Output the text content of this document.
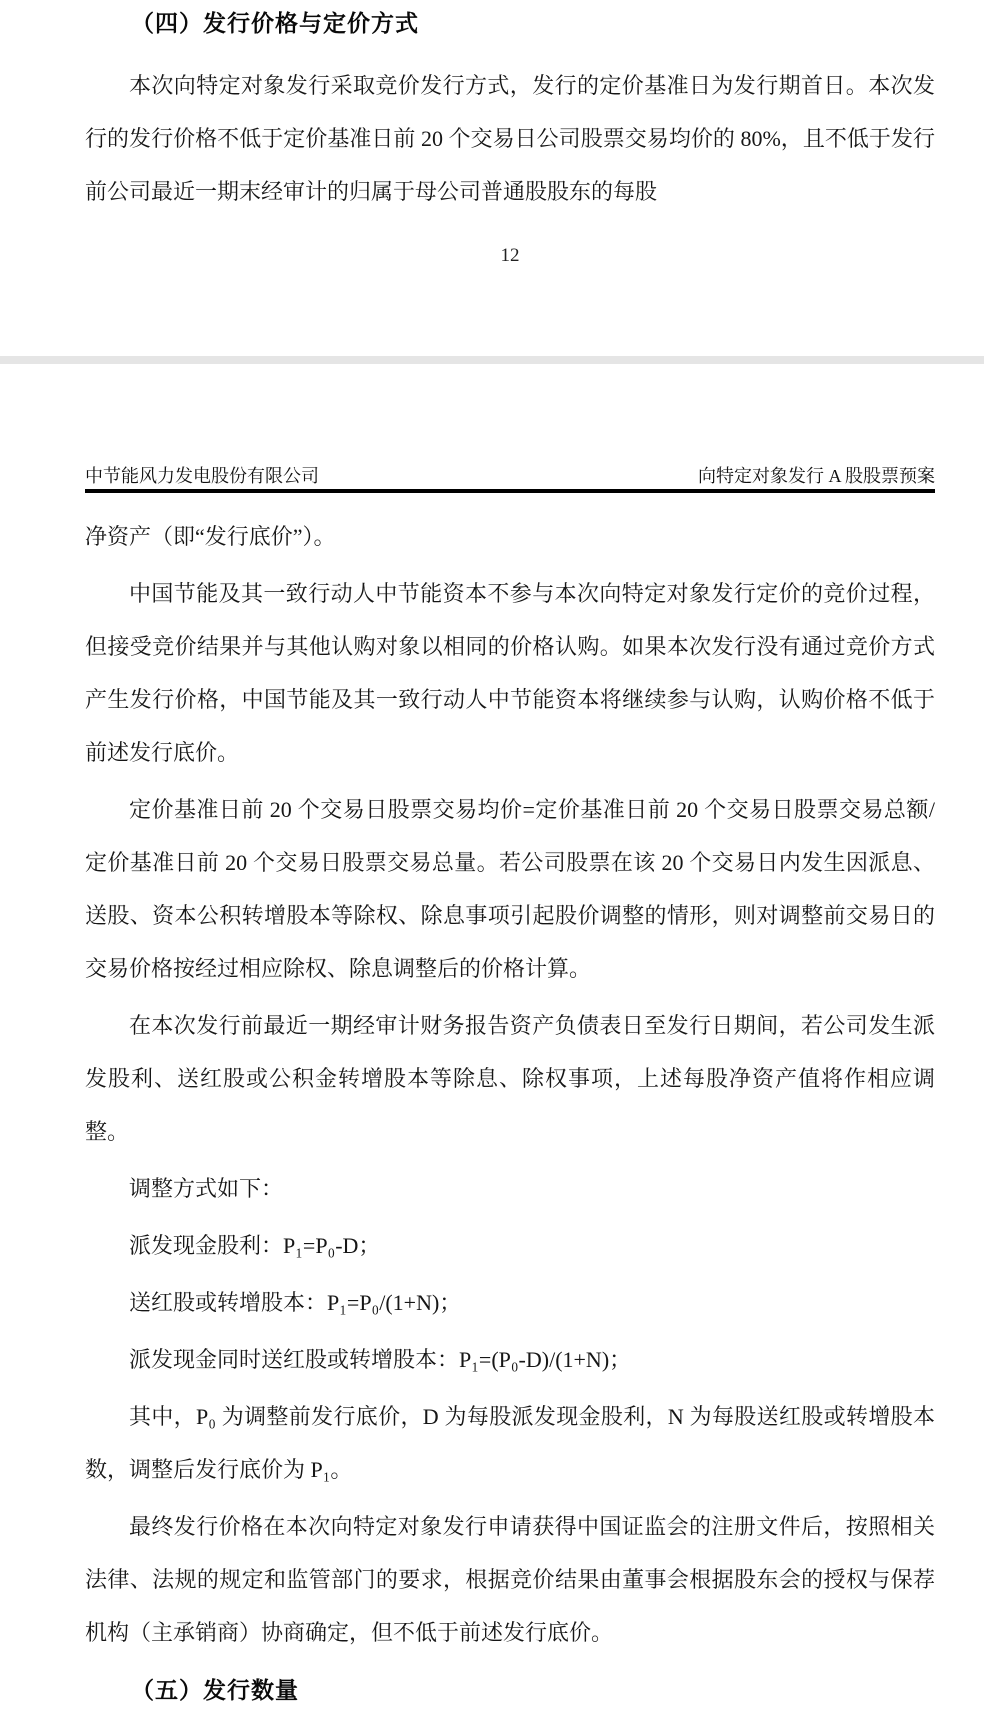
（四）发行价格与定价方式

本次向特定对象发行采取竞价发行方式，发行的定价基准日为发行期首日。本次发行的发行价格不低于定价基准日前 20 个交易日公司股票交易均价的 80%，且不低于发行前公司最近一期末经审计的归属于母公司普通股股东的每股

12
中节能风力发电股份有限公司	向特定对象发行 A 股股票预案

净资产（即“发行底价”）。

中国节能及其一致行动人中节能资本不参与本次向特定对象发行定价的竞价过程，但接受竞价结果并与其他认购对象以相同的价格认购。如果本次发行没有通过竞价方式产生发行价格，中国节能及其一致行动人中节能资本将继续参与认购，认购价格不低于前述发行底价。

定价基准日前 20 个交易日股票交易均价=定价基准日前 20 个交易日股票交易总额/定价基准日前 20 个交易日股票交易总量。若公司股票在该 20 个交易日内发生因派息、送股、资本公积转增股本等除权、除息事项引起股价调整的情形，则对调整前交易日的交易价格按经过相应除权、除息调整后的价格计算。

在本次发行前最近一期经审计财务报告资产负债表日至发行日期间，若公司发生派发股利、送红股或公积金转增股本等除息、除权事项，上述每股净资产值将作相应调整。

调整方式如下：

派发现金股利：P₁=P₀-D；

送红股或转增股本：P₁=P₀/(1+N)；

派发现金同时送红股或转增股本：P₁=(P₀-D)/(1+N)；

其中，P₀ 为调整前发行底价，D 为每股派发现金股利，N 为每股送红股或转增股本数，调整后发行底价为 P₁。

最终发行价格在本次向特定对象发行申请获得中国证监会的注册文件后，按照相关法律、法规的规定和监管部门的要求，根据竞价结果由董事会根据股东会的授权与保荐机构（主承销商）协商确定，但不低于前述发行底价。

（五）发行数量
